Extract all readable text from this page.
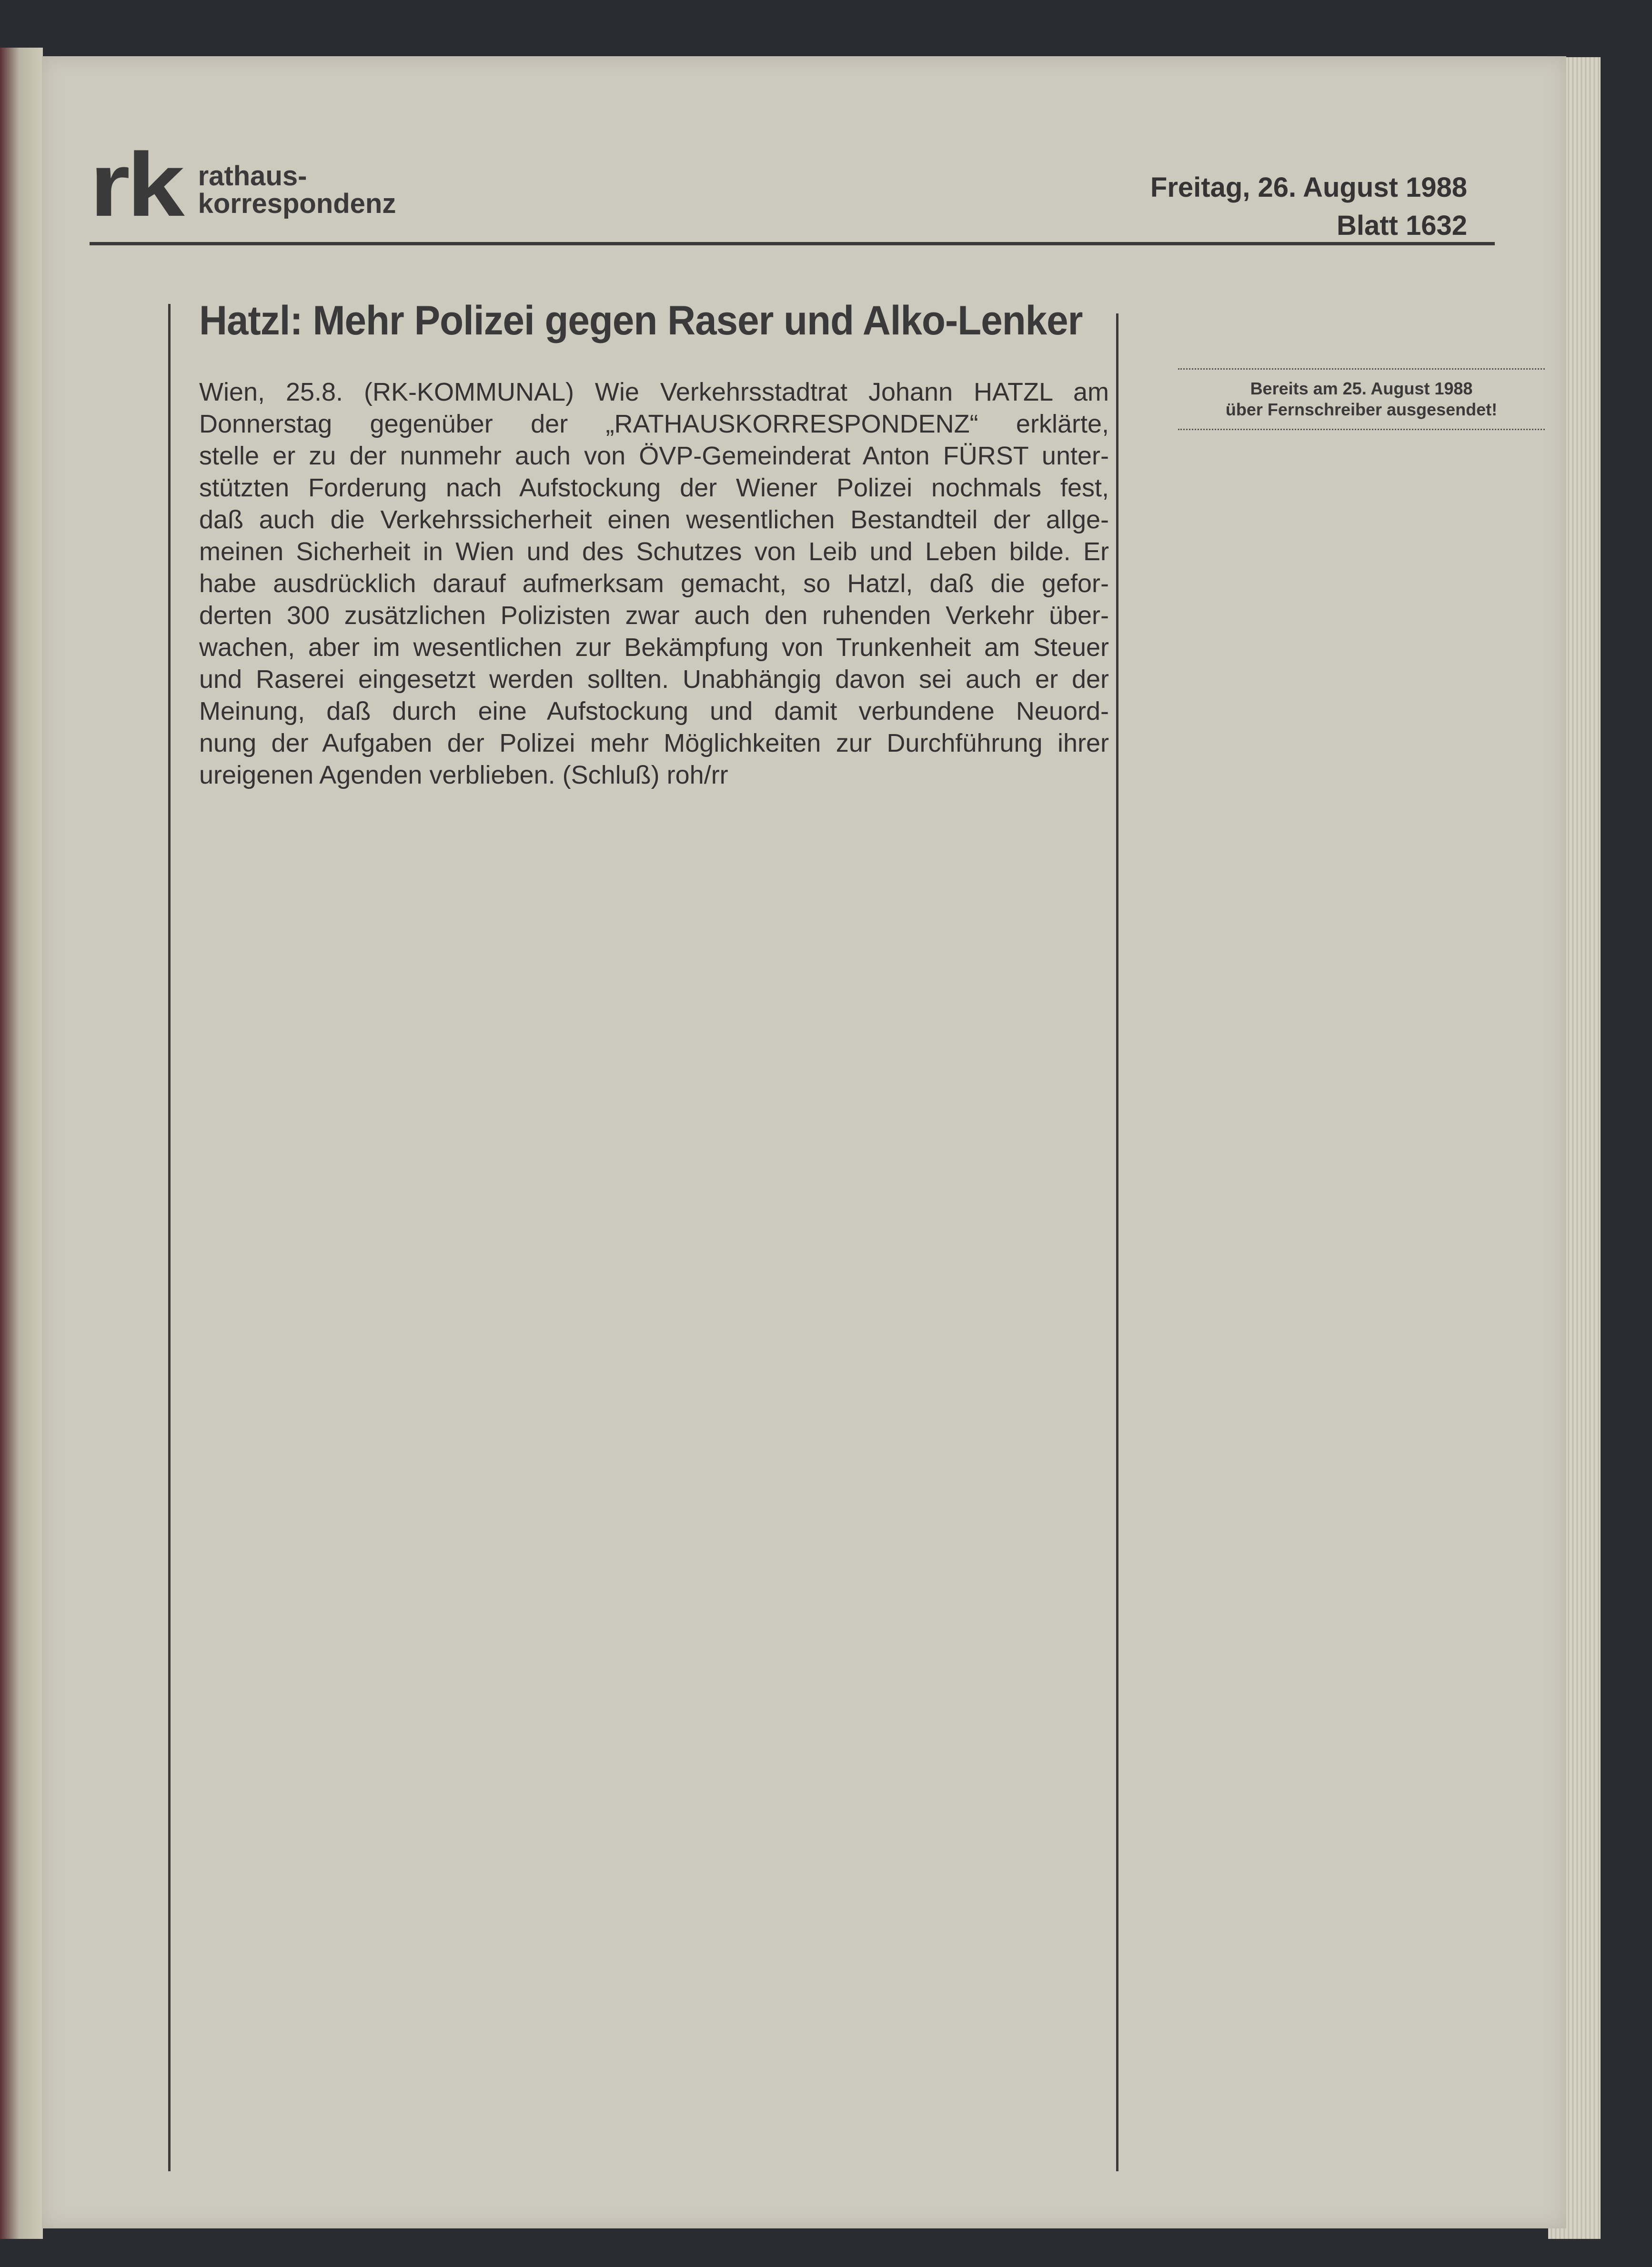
rk rathaus-
korrespondenz
Freitag, 26. August 1988
Blatt 1632
Hatzl: Mehr Polizei gegen Raser und Alko-Lenker
Wien, 25.8. (RK-KOMMUNAL) Wie Verkehrsstadtrat Johann HATZL am
Donnerstag gegenüber der „RATHAUSKORRESPONDENZ“ erklärte,
stelle er zu der nunmehr auch von ÖVP-Gemeinderat Anton FÜRST unter-
stützten Forderung nach Aufstockung der Wiener Polizei nochmals fest,
daß auch die Verkehrssicherheit einen wesentlichen Bestandteil der allge-
meinen Sicherheit in Wien und des Schutzes von Leib und Leben bilde. Er
habe ausdrücklich darauf aufmerksam gemacht, so Hatzl, daß die gefor-
derten 300 zusätzlichen Polizisten zwar auch den ruhenden Verkehr über-
wachen, aber im wesentlichen zur Bekämpfung von Trunkenheit am Steuer
und Raserei eingesetzt werden sollten. Unabhängig davon sei auch er der
Meinung, daß durch eine Aufstockung und damit verbundene Neuord-
nung der Aufgaben der Polizei mehr Möglichkeiten zur Durchführung ihrer
ureigenen Agenden verblieben. (Schluß) roh/rr
Bereits am 25. August 1988
über Fernschreiber ausgesendet!
